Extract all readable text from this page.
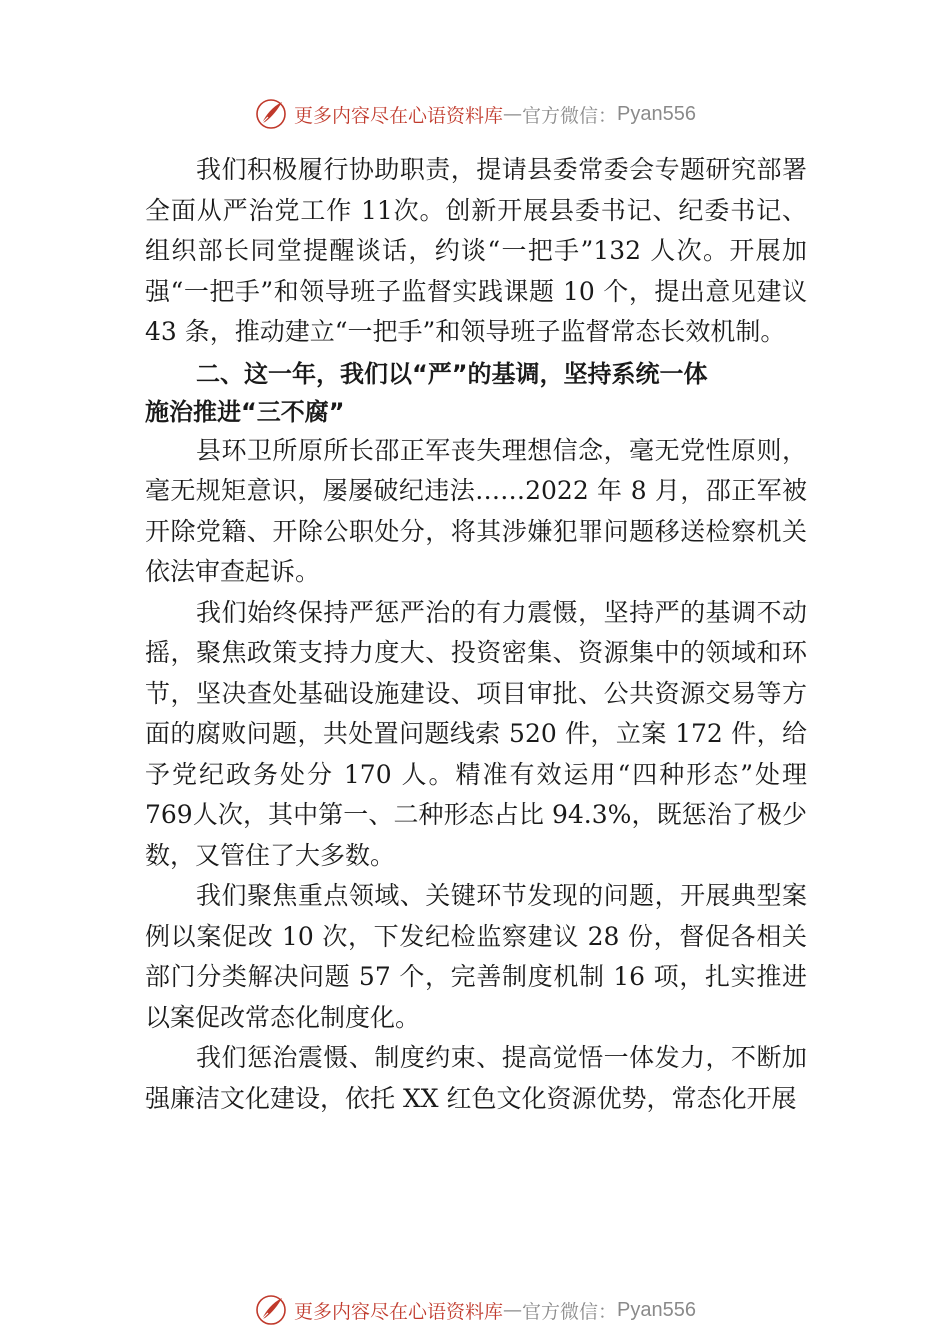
更多内容尽在心语资料库 — 官方微信： Pyan556

我们积极履行协助职责，提请县委常委会专题研究部署全面从严治党工作 11次。创新开展县委书记、纪委书记、组织部长同堂提醒谈话，约谈“一把手”132 人次。开展加强“一把手”和领导班子监督实践课题 10 个，提出意见建议 43 条，推动建立“一把手”和领导班子监督常态长效机制。

二、这一年，我们以“严”的基调，坚持系统一体
施治推进“三不腐”

县环卫所原所长邵正军丧失理想信念，毫无党性原则，毫无规矩意识，屡屡破纪违法……2022 年 8 月，邵正军被开除党籍、开除公职处分，将其涉嫌犯罪问题移送检察机关依法审查起诉。

我们始终保持严惩严治的有力震慑，坚持严的基调不动摇，聚焦政策支持力度大、投资密集、资源集中的领域和环节，坚决查处基础设施建设、项目审批、公共资源交易等方面的腐败问题，共处置问题线索 520 件，立案 172 件，给予党纪政务处分 170 人。精准有效运用“四种形态”处理 769人次，其中第一、二种形态占比 94.3%，既惩治了极少数，又管住了大多数。

我们聚焦重点领域、关键环节发现的问题，开展典型案例以案促改 10 次，下发纪检监察建议 28 份，督促各相关部门分类解决问题 57 个，完善制度机制 16 项，扎实推进以案促改常态化制度化。

我们惩治震慑、制度约束、提高觉悟一体发力，不断加强廉洁文化建设，依托 XX 红色文化资源优势，常态化开展

更多内容尽在心语资料库 — 官方微信： Pyan556
